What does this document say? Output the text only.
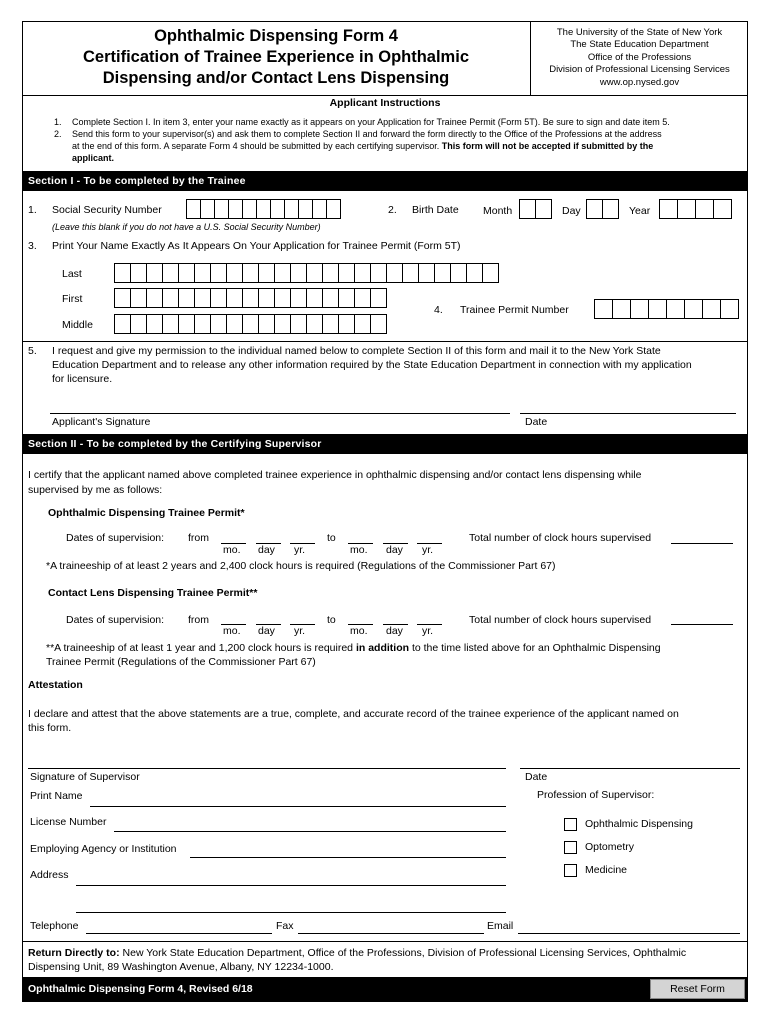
Ophthalmic Dispensing Form 4
Certification of Trainee Experience in Ophthalmic
Dispensing and/or Contact Lens Dispensing
The University of the State of New York
The State Education Department
Office of the Professions
Division of Professional Licensing Services
www.op.nysed.gov
Applicant Instructions
1. Complete Section I. In item 3, enter your name exactly as it appears on your Application for Trainee Permit (Form 5T). Be sure to sign and date item 5.
2. Send this form to your supervisor(s) and ask them to complete Section II and forward the form directly to the Office of the Professions at the address
at the end of this form. A separate Form 4 should be submitted by each certifying supervisor. This form will not be accepted if submitted by the
applicant.
Section I - To be completed by the Trainee
1. Social Security Number
(Leave this blank if you do not have a U.S. Social Security Number)
2. Birth Date Month	Day	Year
3. Print Your Name Exactly As It Appears On Your Application for Trainee Permit (Form 5T)
Last
First
Middle
4. Trainee Permit Number
5. I request and give my permission to the individual named below to complete Section II of this form and mail it to the New York State
Education Department and to release any other information required by the State Education Department in connection with my application
for licensure.
Applicant's Signature	Date
Section II - To be completed by the Certifying Supervisor
I certify that the applicant named above completed trainee experience in ophthalmic dispensing and/or contact lens dispensing while
supervised by me as follows:
Ophthalmic Dispensing Trainee Permit*
Dates of supervision: from
mo. day yr.
to
mo. day yr.
Total number of clock hours supervised
*A traineeship of at least 2 years and 2,400 clock hours is required (Regulations of the Commissioner Part 67)
Contact Lens Dispensing Trainee Permit**
Dates of supervision: from
mo. day yr.
to
mo. day yr.
Total number of clock hours supervised
**A traineeship of at least 1 year and 1,200 clock hours is required in addition to the time listed above for an Ophthalmic Dispensing
Trainee Permit (Regulations of the Commissioner Part 67)
Attestation
I declare and attest that the above statements are a true, complete, and accurate record of the trainee experience of the applicant named on
this form.
Signature of Supervisor	Date
Print Name	Profession of Supervisor:
License Number
Employing Agency or Institution
Address
Ophthalmic Dispensing
Optometry
Medicine
Telephone	Fax	Email
Return Directly to: New York State Education Department, Office of the Professions, Division of Professional Licensing Services, Ophthalmic
Dispensing Unit, 89 Washington Avenue, Albany, NY 12234-1000.
Ophthalmic Dispensing Form 4, Revised 6/18	Reset Form
